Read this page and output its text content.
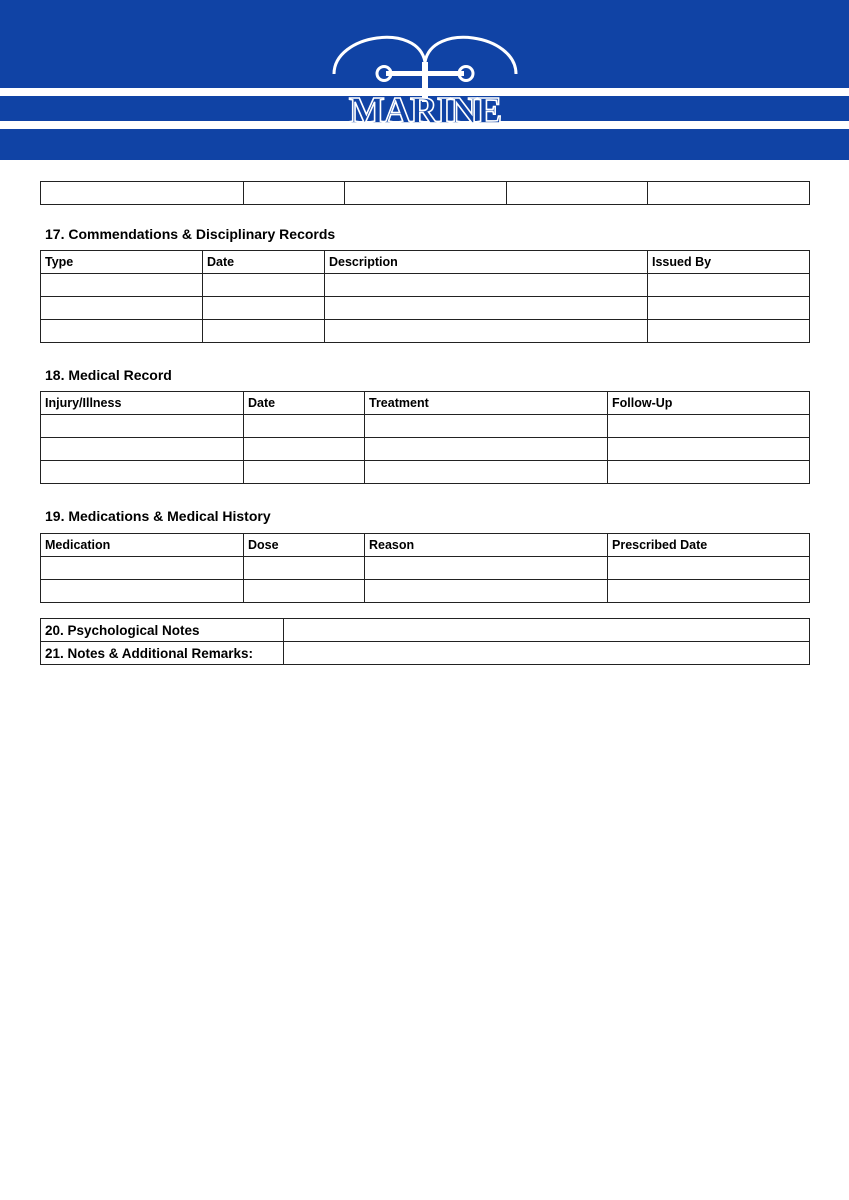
MARINE

17. Commendations & Disciplinary Records
Type	Date	Description	Issued By

18. Medical Record
Injury/Illness	Date	Treatment	Follow-Up

19. Medications & Medical History
Medication	Dose	Reason	Prescribed Date

20. Psychological Notes	
21. Notes & Additional Remarks:	
